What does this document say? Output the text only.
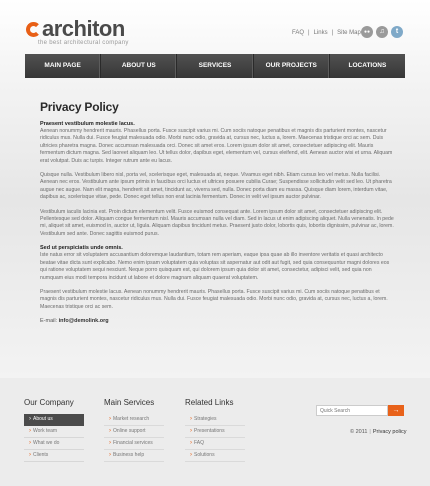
architon
the best architectural company
FAQ | Links | Site Map ●●	♫	t
MAIN PAGE	ABOUT US	SERVICES	OUR PROJECTS	LOCATIONS
Privacy Policy
Praesent vestibulum molestie lacus.

Aenean nonummy hendrerit mauris. Phasellus porta. Fusce suscipit varius mi. Cum sociis natoque penatibus et magnis dis parturient montes, nascetur ridiculus mus. Nulla dui. Fusce feugiat malesuada odio. Morbi nunc odio, gravida at, cursus nec, luctus a, lorem. Maecenas tristique orci ac sem. Duis ultricies pharetra magna. Donec accumsan malesuada orci. Donec sit amet eros. Lorem ipsum dolor sit amet, consectetuer adipiscing elit. Mauris fermentum dictum magna. Sed laoreet aliquam leo. Ut tellus dolor, dapibus eget, elementum vel, cursus eleifend, elit. Aenean auctor wisi et urna. Aliquam erat volutpat. Duis ac turpis. Integer rutrum ante eu lacus.

Quisque nulla. Vestibulum libero nisl, porta vel, scelerisque eget, malesuada at, neque. Vivamus eget nibh. Etiam cursus leo vel metus. Nulla facilisi. Aenean nec eros. Vestibulum ante ipsum primis in faucibus orci luctus et ultrices posuere cubilia Curae; Suspendisse sollicitudin velit sed leo. Ut pharetra augue nec augue. Nam elit magna, hendrerit sit amet, tincidunt ac, viverra sed, nulla. Donec porta diam eu massa. Quisque diam lorem, interdum vitae, dapibus ac, scelerisque vitae, pede. Donec eget tellus non erat lacinia fermentum. Donec in velit vel ipsum auctor pulvinar.

Vestibulum iaculis lacinia est. Proin dictum elementum velit. Fusce euismod consequat ante. Lorem ipsum dolor sit amet, consectetuer adipiscing elit. Pellentesque sed dolor. Aliquam congue fermentum nisl. Mauris accumsan nulla vel diam. Sed in lacus ut enim adipiscing aliquet. Nulla venenatis. In pede mi, aliquet sit amet, euismod in, auctor ut, ligula. Aliquam dapibus tincidunt metus. Praesent justo dolor, lobortis quis, lobortis dignissim, pulvinar ac, lorem. Vestibulum sed ante. Donec sagittis euismod purus.

Sed ut perspiciatis unde omnis.

Iste natus error sit voluptatem accusantium doloremque laudantium, totam rem aperiam, eaque ipsa quae ab illo inventore veritatis et quasi architecto beatae vitae dicta sunt explicabo. Nemo enim ipsam voluptatem quia voluptas sit aspernatur aut odit aut fugit, sed quia consequuntur magni dolores eos qui ratione voluptatem sequi nesciunt. Neque porro quisquam est, qui dolorem ipsum quia dolor sit amet, consectetur, adipisci velit, sed quia non numquam eius modi tempora incidunt ut labore et dolore magnam aliquam quaerat voluptatem.

Praesent vestibulum molestie lacus. Aenean nonummy hendrerit mauris. Phasellus porta. Fusce suscipit varius mi. Cum sociis natoque penatibus et magnis dis parturient montes, nascetur ridiculus mus. Nulla dui. Fusce feugiat malesuada odio. Morbi nunc odio, gravida at, cursus nec, luctus a, lorem. Maecenas tristique orci ac sem.

E-mail: info@demolink.org
Our Company
› About us
› Work team
› What we do
› Clients
Main Services
› Market research
› Online support
› Financial services
› Business help
Related Links
› Strategies
› Presentations
› FAQ
› Solutions
Quick Search
→
© 2011 | Privacy policy
